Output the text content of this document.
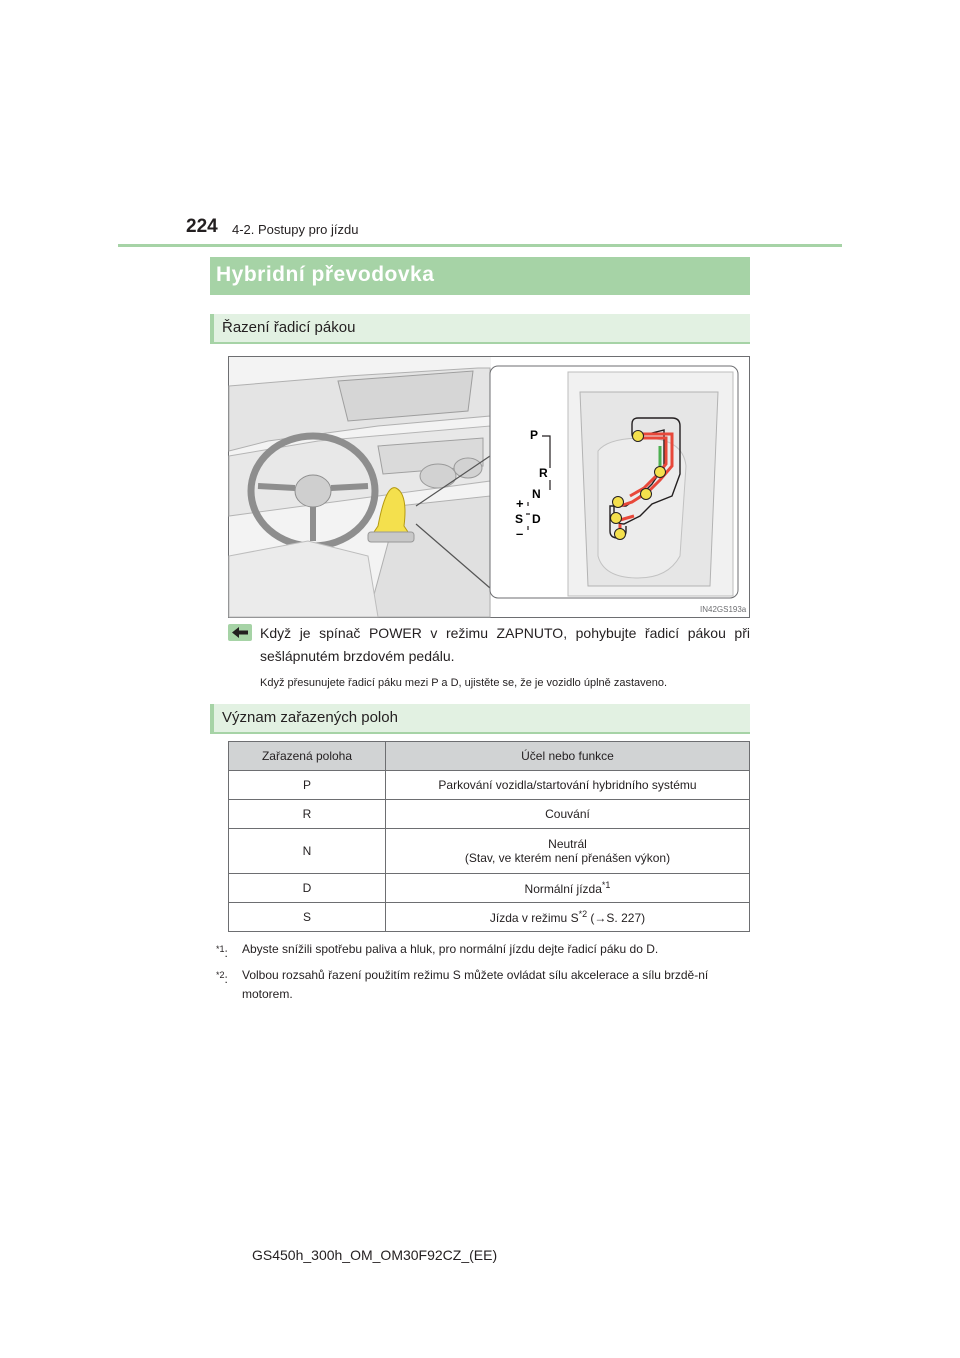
224 4-2. Postupy pro jízdu
Hybridní převodovka
Řazení řadicí pákou
P
R
N
+
S D
–
IN42GS193a
Když je spínač POWER v režimu ZAPNUTO, pohybujte řadicí pákou při sešlápnutém brzdovém pedálu.
Když přesunujete řadicí páku mezi P a D, ujistěte se, že je vozidlo úplně zastaveno.
Význam zařazených poloh
Zařazená poloha	Účel nebo funkce
P	Parkování vozidla/startování hybridního systému
R	Couvání
N	Neutrál
(Stav, ve kterém není přenášen výkon)

D	Normální jízda$^{*1}$
S	Jízda v režimu $S^{*2}$ (→S. 227)
$^{*1}$: Abyste snížili spotřebu paliva a hluk, pro normální jízdu dejte řadicí páku do D.
$^{*2}$: Volbou rozsahů řazení použitím režimu S můžete ovládat sílu akcelerace a sílu brzdě-ní motorem.
GS450h_300h_OM_OM30F92CZ_(EE)
